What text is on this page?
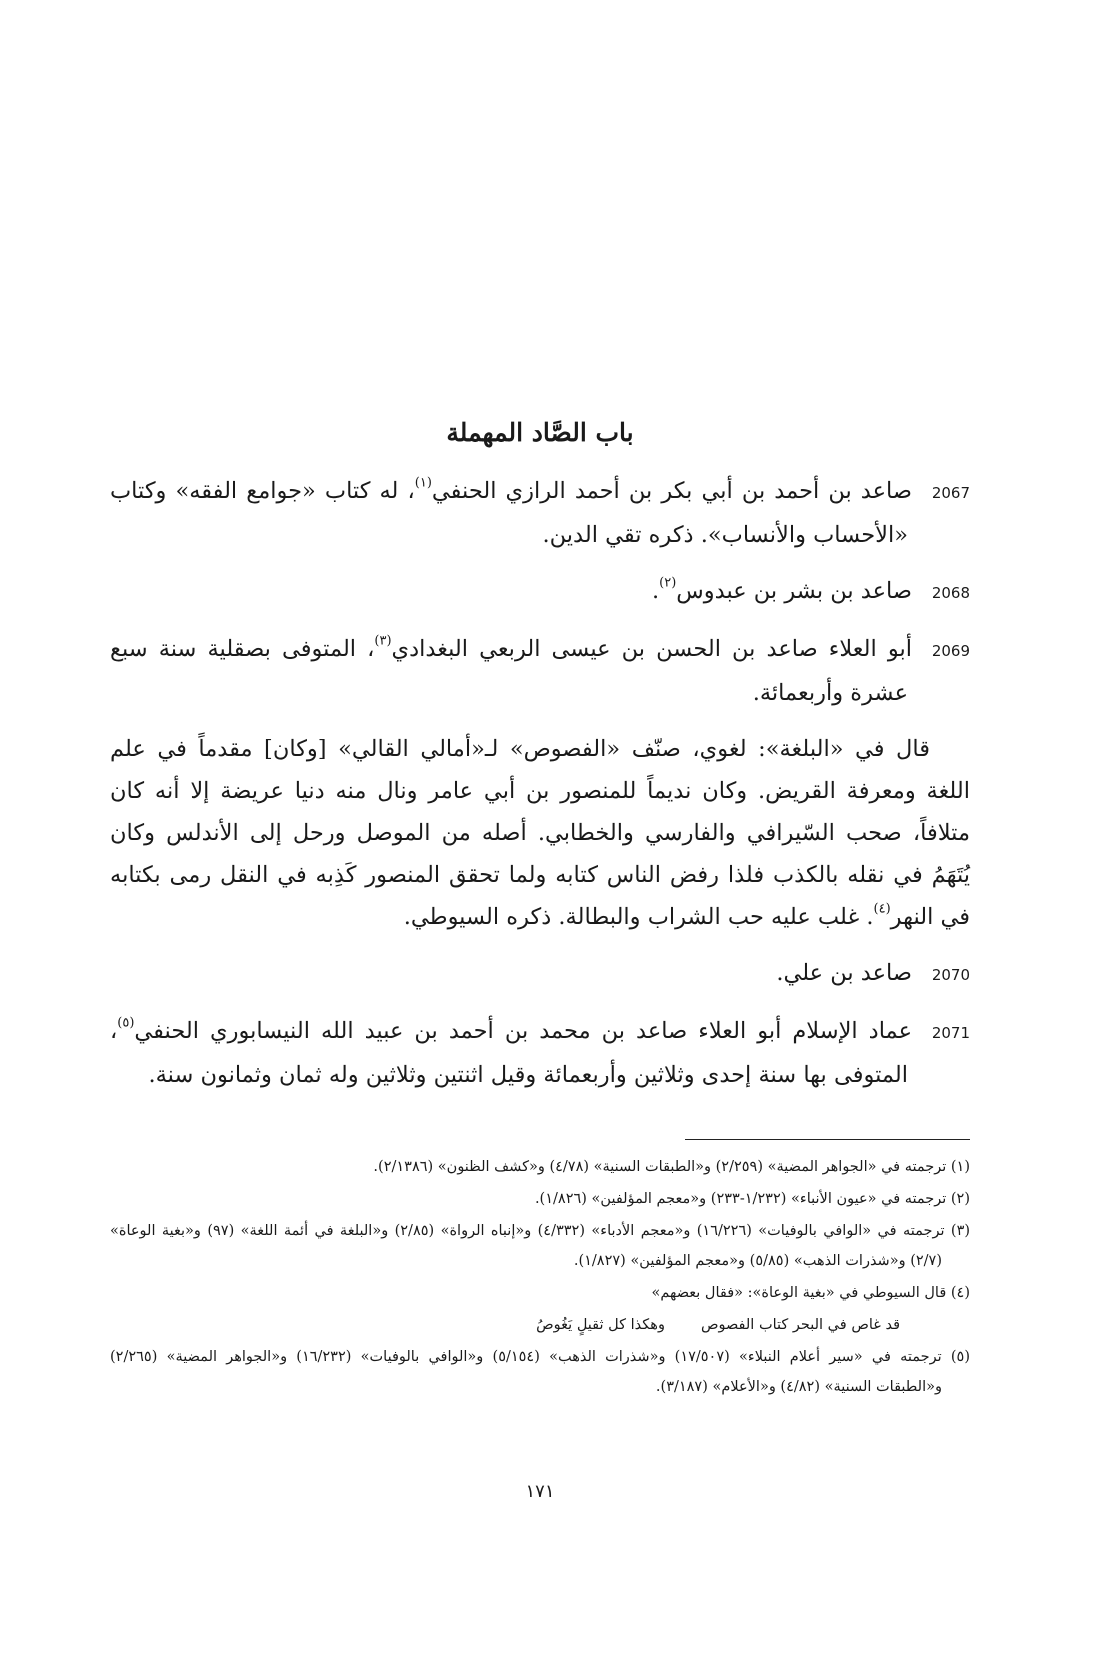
باب الصَّاد المهملة

2067صاعد بن أحمد بن أبي بكر بن أحمد الرازي الحنفي$^{(١)}$، له كتاب «جوامع الفقه» وكتاب «الأحساب والأنساب». ذكره تقي الدين.

2068صاعد بن بشر بن عبدوس$^{(٢)}$.

2069أبو العلاء صاعد بن الحسن بن عيسى الربعي البغدادي$^{(٣)}$، المتوفى بصقلية سنة سبع عشرة وأربعمائة.

قال في «البلغة»: لغوي، صنّف «الفصوص» لـ«أمالي القالي» [وكان] مقدماً في علم اللغة ومعرفة القريض. وكان نديماً للمنصور بن أبي عامر ونال منه دنيا عريضة إلا أنه كان متلافاً، صحب السّيرافي والفارسي والخطابي. أصله من الموصل ورحل إلى الأندلس وكان يُتَهَمُ في نقله بالكذب فلذا رفض الناس كتابه ولما تحقق المنصور كَذِبه في النقل رمى بكتابه في النهر$^{(٤)}$. غلب عليه حب الشراب والبطالة. ذكره السيوطي.

2070صاعد بن علي.

2071عماد الإسلام أبو العلاء صاعد بن محمد بن أحمد بن عبيد الله النيسابوري الحنفي$^{(٥)}$، المتوفى بها سنة إحدى وثلاثين وأربعمائة وقيل اثنتين وثلاثين وله ثمان وثمانون سنة.

(١) ترجمته في «الجواهر المضية» (٢/٢٥٩) و«الطبقات السنية» (٤/٧٨) و«كشف الظنون» (٢/١٣٨٦).

(٢) ترجمته في «عيون الأنباء» (١/٢٣٢-٢٣٣) و«معجم المؤلفين» (١/٨٢٦).

(٣) ترجمته في «الوافي بالوفيات» (١٦/٢٢٦) و«معجم الأدباء» (٤/٣٣٢) و«إنباه الرواة» (٢/٨٥) و«البلغة في أئمة اللغة» (٩٧) و«بغية الوعاة» (٢/٧) و«شذرات الذهب» (٥/٨٥) و«معجم المؤلفين» (١/٨٢٧).

(٤) قال السيوطي في «بغية الوعاة»: «فقال بعضهم»

قد غاص في البحر كتاب الفصوص
وهكذا كل ثقيلٍ يَغُوصُ

(٥) ترجمته في «سير أعلام النبلاء» (١٧/٥٠٧) و«شذرات الذهب» (٥/١٥٤) و«الوافي بالوفيات» (١٦/٢٣٢) و«الجواهر المضية» (٢/٢٦٥) و«الطبقات السنية» (٤/٨٢) و«الأعلام» (٣/١٨٧).

١٧١
